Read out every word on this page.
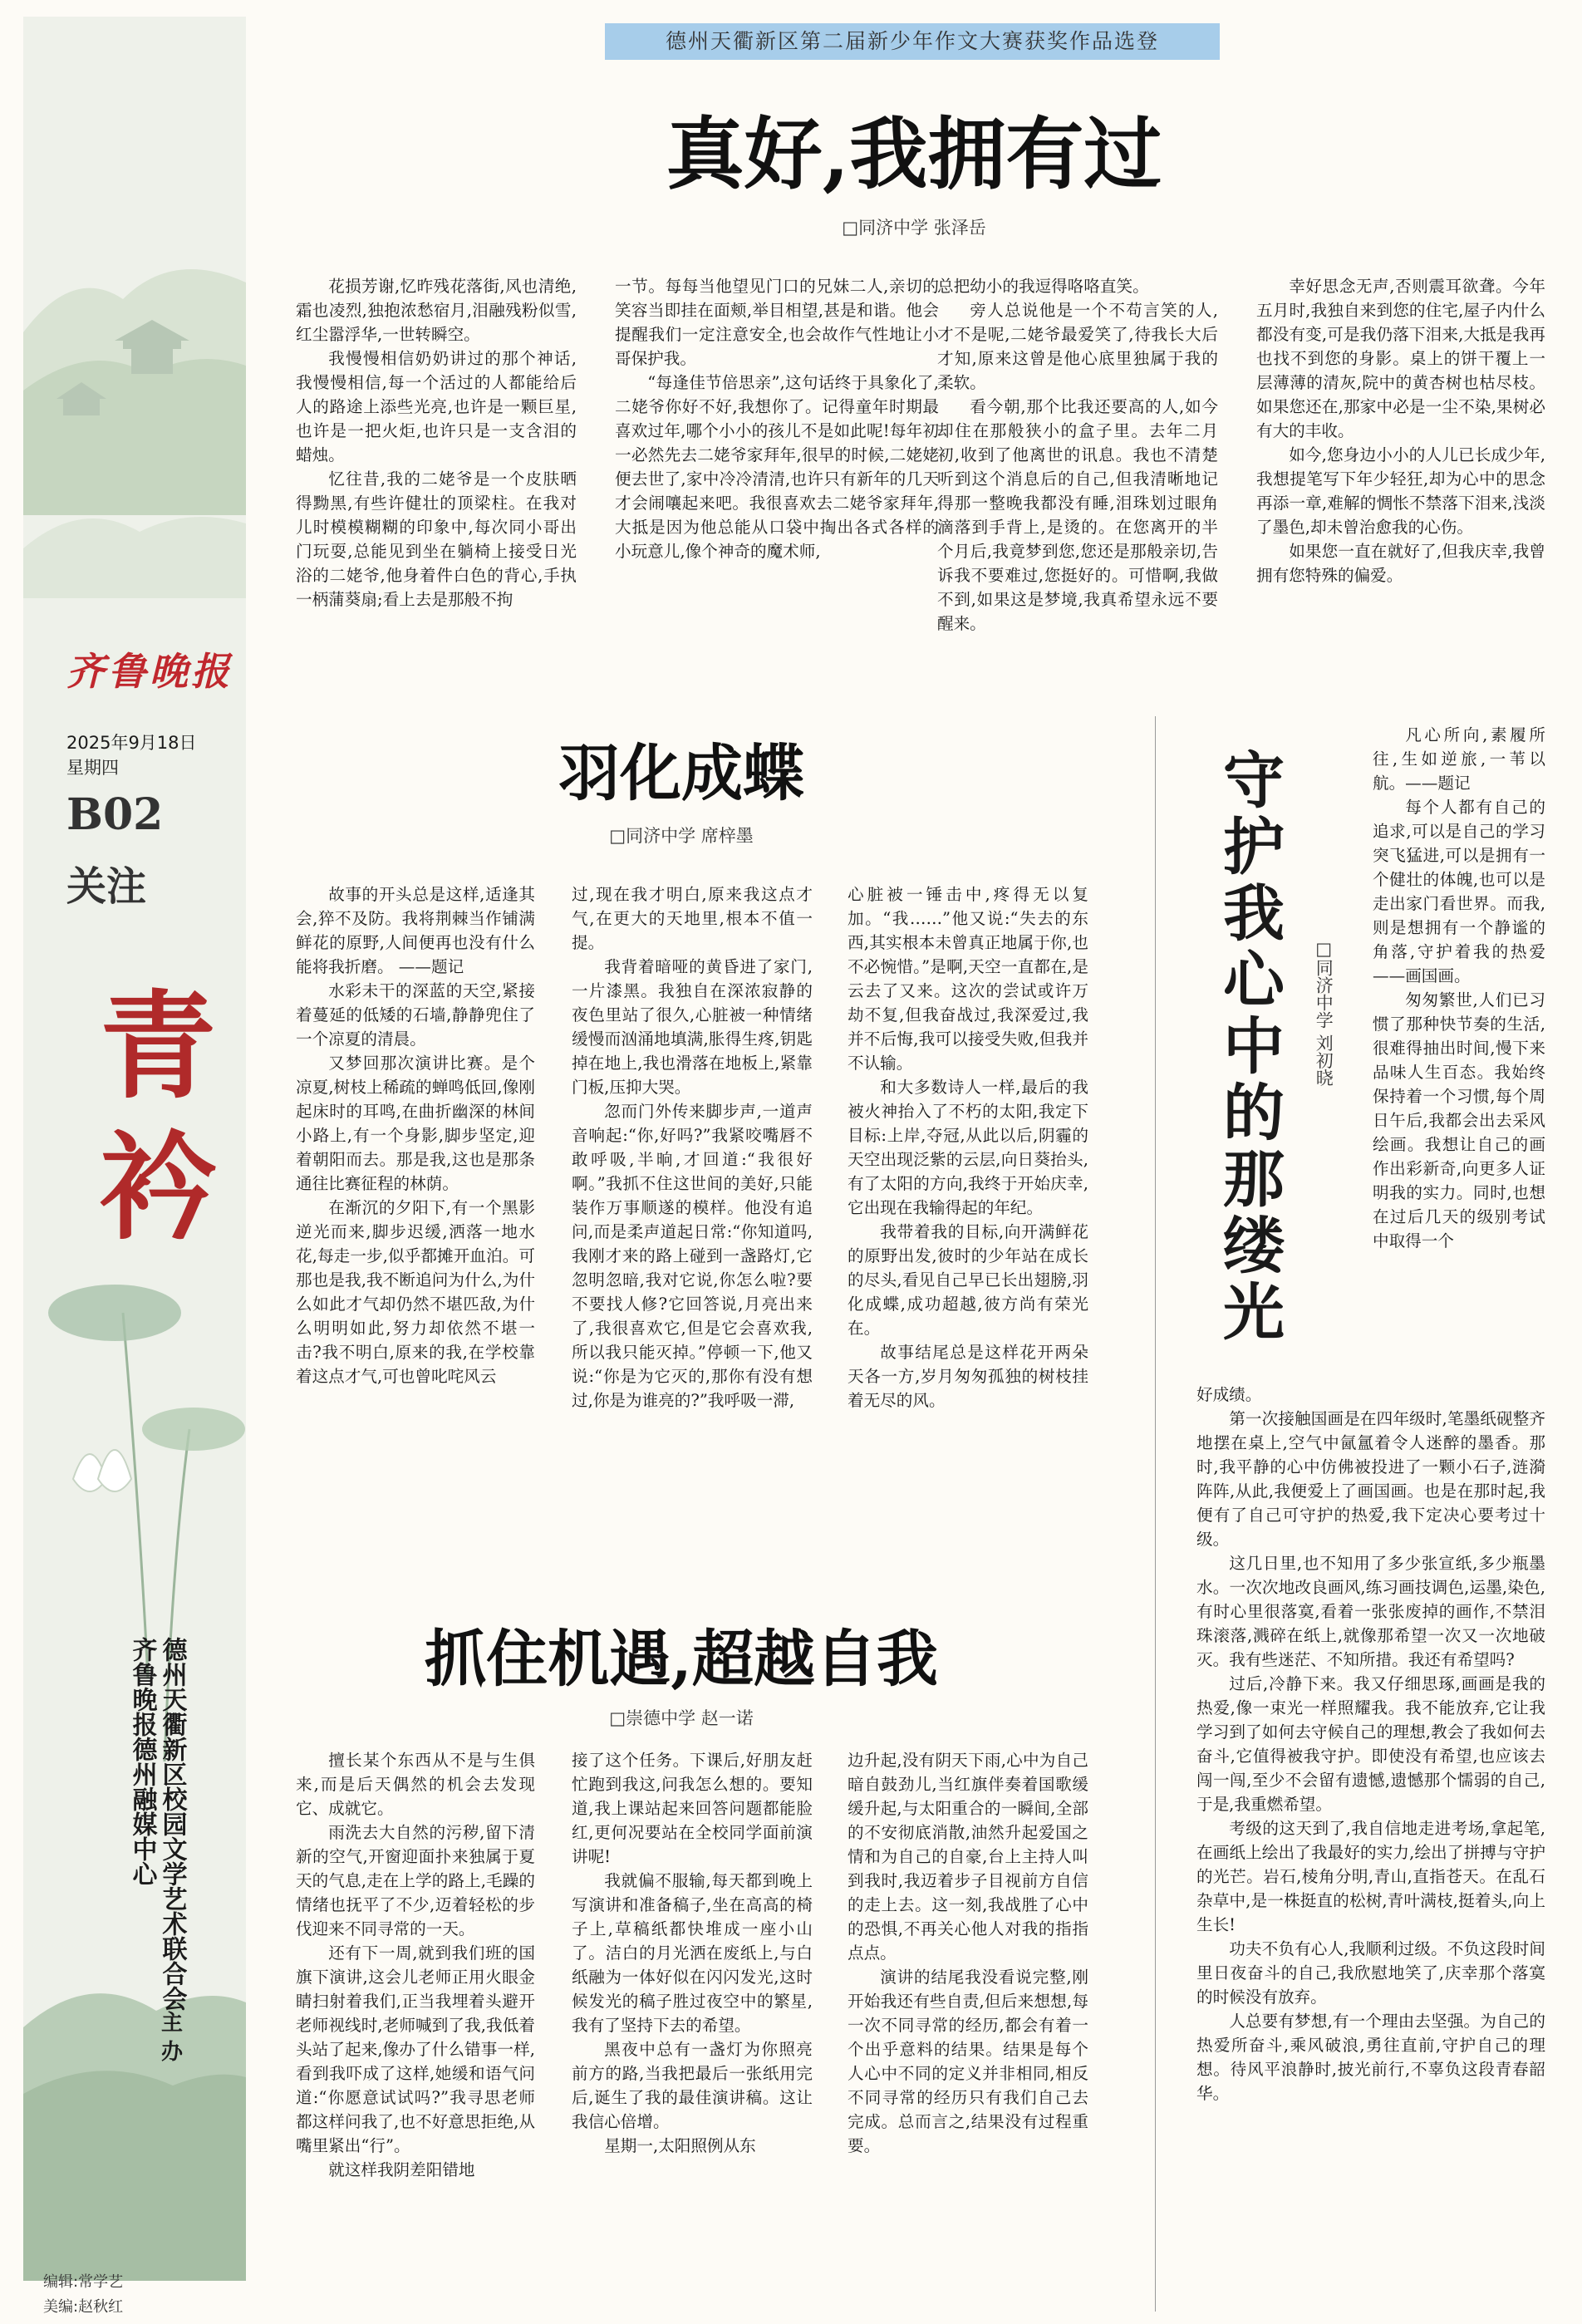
齐鲁晚报
2025年9月18日
星期四
B02
关注
青
衿
德州天衢新区校园文学艺术联合会
齐鲁晚报德州融媒中心
主 办
编辑:常学艺
美编:赵秋红
德州天衢新区第二届新少年作文大赛获奖作品选登
真好,我拥有过
□同济中学 张泽岳

花损芳谢,忆昨残花落街,风也清绝,霜也凌烈,独抱浓愁宿月,泪融残粉似雪,红尘嚣浮华,一世转瞬空。

我慢慢相信奶奶讲过的那个神话,我慢慢相信,每一个活过的人都能给后人的路途上添些光亮,也许是一颗巨星,也许是一把火炬,也许只是一支含泪的蜡烛。

忆往昔,我的二姥爷是一个皮肤晒得黝黑,有些许健壮的顶梁柱。在我对儿时模模糊糊的印象中,每次同小哥出门玩耍,总能见到坐在躺椅上接受日光浴的二姥爷,他身着件白色的背心,手执一柄蒲葵扇;看上去是那般不拘

一节。每每当他望见门口的兄妹二人,亲切的笑容当即挂在面颊,举目相望,甚是和谐。他会提醒我们一定注意安全,也会故作气性地让小哥保护我。

“每逢佳节倍思亲”,这句话终于具象化了,二姥爷你好不好,我想你了。记得童年时期最喜欢过年,哪个小小的孩儿不是如此呢!每年初一必然先去二姥爷家拜年,很早的时候,二姥姥便去世了,家中冷冷清清,也许只有新年的几天才会闹嚷起来吧。我很喜欢去二姥爷家拜年,大抵是因为他总能从口袋中掏出各式各样的小玩意儿,像个神奇的魔术师,

总把幼小的我逗得咯咯直笑。

旁人总说他是一个不苟言笑的人,才不是呢,二姥爷最爱笑了,待我长大后才知,原来这曾是他心底里独属于我的柔软。

看今朝,那个比我还要高的人,如今却住在那般狭小的盒子里。去年二月初,收到了他离世的讯息。我也不清楚听到这个消息后的自己,但我清晰地记得那一整晚我都没有睡,泪珠划过眼角滴落到手背上,是烫的。在您离开的半个月后,我竟梦到您,您还是那般亲切,告诉我不要难过,您挺好的。可惜啊,我做不到,如果这是梦境,我真希望永远不要醒来。

幸好思念无声,否则震耳欲聋。今年五月时,我独自来到您的住宅,屋子内什么都没有变,可是我仍落下泪来,大抵是我再也找不到您的身影。桌上的饼干覆上一层薄薄的清灰,院中的黄杏树也枯尽枝。如果您还在,那家中必是一尘不染,果树必有大的丰收。

如今,您身边小小的人儿已长成少年,我想提笔写下年少轻狂,却为心中的思念再添一章,难解的惆怅不禁落下泪来,浅淡了墨色,却未曾治愈我的心伤。

如果您一直在就好了,但我庆幸,我曾拥有您特殊的偏爱。

羽化成蝶
□同济中学 席梓墨

故事的开头总是这样,适逢其会,猝不及防。我将荆棘当作铺满鲜花的原野,人间便再也没有什么能将我折磨。 ——题记

水彩未干的深蓝的天空,紧接着蔓延的低矮的石墙,静静兜住了一个凉夏的清晨。

又梦回那次演讲比赛。是个凉夏,树枝上稀疏的蝉鸣低回,像刚起床时的耳鸣,在曲折幽深的林间小路上,有一个身影,脚步坚定,迎着朝阳而去。那是我,这也是那条通往比赛征程的林荫。

在渐沉的夕阳下,有一个黑影逆光而来,脚步迟缓,洒落一地水花,每走一步,似乎都摊开血泊。可那也是我,我不断追问为什么,为什么如此才气却仍然不堪匹敌,为什么明明如此,努力却依然不堪一击?我不明白,原来的我,在学校靠着这点才气,可也曾叱咤风云

过,现在我才明白,原来我这点才气,在更大的天地里,根本不值一提。

我背着暗哑的黄昏进了家门,一片漆黑。我独自在深浓寂静的夜色里站了很久,心脏被一种情绪缓慢而汹涌地填满,胀得生疼,钥匙掉在地上,我也滑落在地板上,紧靠门板,压抑大哭。

忽而门外传来脚步声,一道声音响起:“你,好吗?”我紧咬嘴唇不敢呼吸,半晌,才回道:“我很好啊。”我抓不住这世间的美好,只能装作万事顺遂的模样。他没有追问,而是柔声道起日常:“你知道吗,我刚才来的路上碰到一盏路灯,它忽明忽暗,我对它说,你怎么啦?要不要找人修?它回答说,月亮出来了,我很喜欢它,但是它会喜欢我,所以我只能灭掉。”停顿一下,他又说:“你是为它灭的,那你有没有想过,你是为谁亮的?”我呼吸一滞,

心脏被一锤击中,疼得无以复加。“我……”他又说:“失去的东西,其实根本未曾真正地属于你,也不必惋惜。”是啊,天空一直都在,是云去了又来。这次的尝试或许万劫不复,但我奋战过,我深爱过,我并不后悔,我可以接受失败,但我并不认输。

和大多数诗人一样,最后的我被火神抬入了不朽的太阳,我定下目标:上岸,夺冠,从此以后,阴霾的天空出现泛紫的云层,向日葵抬头,有了太阳的方向,我终于开始庆幸,它出现在我输得起的年纪。

我带着我的目标,向开满鲜花的原野出发,彼时的少年站在成长的尽头,看见自己早已长出翅膀,羽化成蝶,成功超越,彼方尚有荣光在。

故事结尾总是这样花开两朵天各一方,岁月匆匆孤独的树枝挂着无尽的风。

抓住机遇,超越自我
□崇德中学 赵一诺

擅长某个东西从不是与生俱来,而是后天偶然的机会去发现它、成就它。

雨洗去大自然的污秽,留下清新的空气,开窗迎面扑来独属于夏天的气息,走在上学的路上,毛躁的情绪也抚平了不少,迈着轻松的步伐迎来不同寻常的一天。

还有下一周,就到我们班的国旗下演讲,这会儿老师正用火眼金睛扫射着我们,正当我埋着头避开老师视线时,老师喊到了我,我低着头站了起来,像办了什么错事一样,看到我吓成了这样,她缓和语气问道:“你愿意试试吗?”我寻思老师都这样问我了,也不好意思拒绝,从嘴里紧出“行”。

就这样我阴差阳错地

接了这个任务。下课后,好朋友赶忙跑到我这,问我怎么想的。要知道,我上课站起来回答问题都能脸红,更何况要站在全校同学面前演讲呢!

我就偏不服输,每天都到晚上写演讲和准备稿子,坐在高高的椅子上,草稿纸都快堆成一座小山了。洁白的月光洒在废纸上,与白纸融为一体好似在闪闪发光,这时候发光的稿子胜过夜空中的繁星,我有了坚持下去的希望。

黑夜中总有一盏灯为你照亮前方的路,当我把最后一张纸用完后,诞生了我的最佳演讲稿。这让我信心倍增。

星期一,太阳照例从东

边升起,没有阴天下雨,心中为自己暗自鼓劲儿,当红旗伴奏着国歌缓缓升起,与太阳重合的一瞬间,全部的不安彻底消散,油然升起爱国之情和为自己的自豪,台上主持人叫到我时,我迈着步子目视前方自信的走上去。这一刻,我战胜了心中的恐惧,不再关心他人对我的指指点点。

演讲的结尾我没看说完整,刚开始我还有些自责,但后来想想,每一次不同寻常的经历,都会有着一个出乎意料的结果。结果是每个人心中不同的定义并非相同,相反不同寻常的经历只有我们自己去完成。总而言之,结果没有过程重要。

守护我心中的那缕光 □同济中学 刘初晓

凡心所向,素履所往,生如逆旅,一苇以航。——题记

每个人都有自己的追求,可以是自己的学习突飞猛进,可以是拥有一个健壮的体魄,也可以是走出家门看世界。而我,则是想拥有一个静谧的角落,守护着我的热爱——画国画。

匆匆繁世,人们已习惯了那种快节奏的生活,很难得抽出时间,慢下来品味人生百态。我始终保持着一个习惯,每个周日午后,我都会出去采风绘画。我想让自己的画作出彩新奇,向更多人证明我的实力。同时,也想在过后几天的级别考试中取得一个

好成绩。

第一次接触国画是在四年级时,笔墨纸砚整齐地摆在桌上,空气中氤氲着令人迷醉的墨香。那时,我平静的心中仿佛被投进了一颗小石子,涟漪阵阵,从此,我便爱上了画国画。也是在那时起,我便有了自己可守护的热爱,我下定决心要考过十级。

这几日里,也不知用了多少张宣纸,多少瓶墨水。一次次地改良画风,练习画技调色,运墨,染色,有时心里很落寞,看着一张张废掉的画作,不禁泪珠滚落,溅碎在纸上,就像那希望一次又一次地破灭。我有些迷茫、不知所措。我还有希望吗?

过后,冷静下来。我又仔细思琢,画画是我的热爱,像一束光一样照耀我。我不能放弃,它让我学习到了如何去守候自己的理想,教会了我如何去奋斗,它值得被我守护。即使没有希望,也应该去闯一闯,至少不会留有遗憾,遗憾那个懦弱的自己,于是,我重燃希望。

考级的这天到了,我自信地走进考场,拿起笔,在画纸上绘出了我最好的实力,绘出了拼搏与守护的光芒。岩石,棱角分明,青山,直指苍天。在乱石杂草中,是一株挺直的松树,青叶满枝,挺着头,向上生长!

功夫不负有心人,我顺利过级。不负这段时间里日夜奋斗的自己,我欣慰地笑了,庆幸那个落寞的时候没有放弃。

人总要有梦想,有一个理由去坚强。为自己的热爱所奋斗,乘风破浪,勇往直前,守护自己的理想。待风平浪静时,披光前行,不辜负这段青春韶华。
